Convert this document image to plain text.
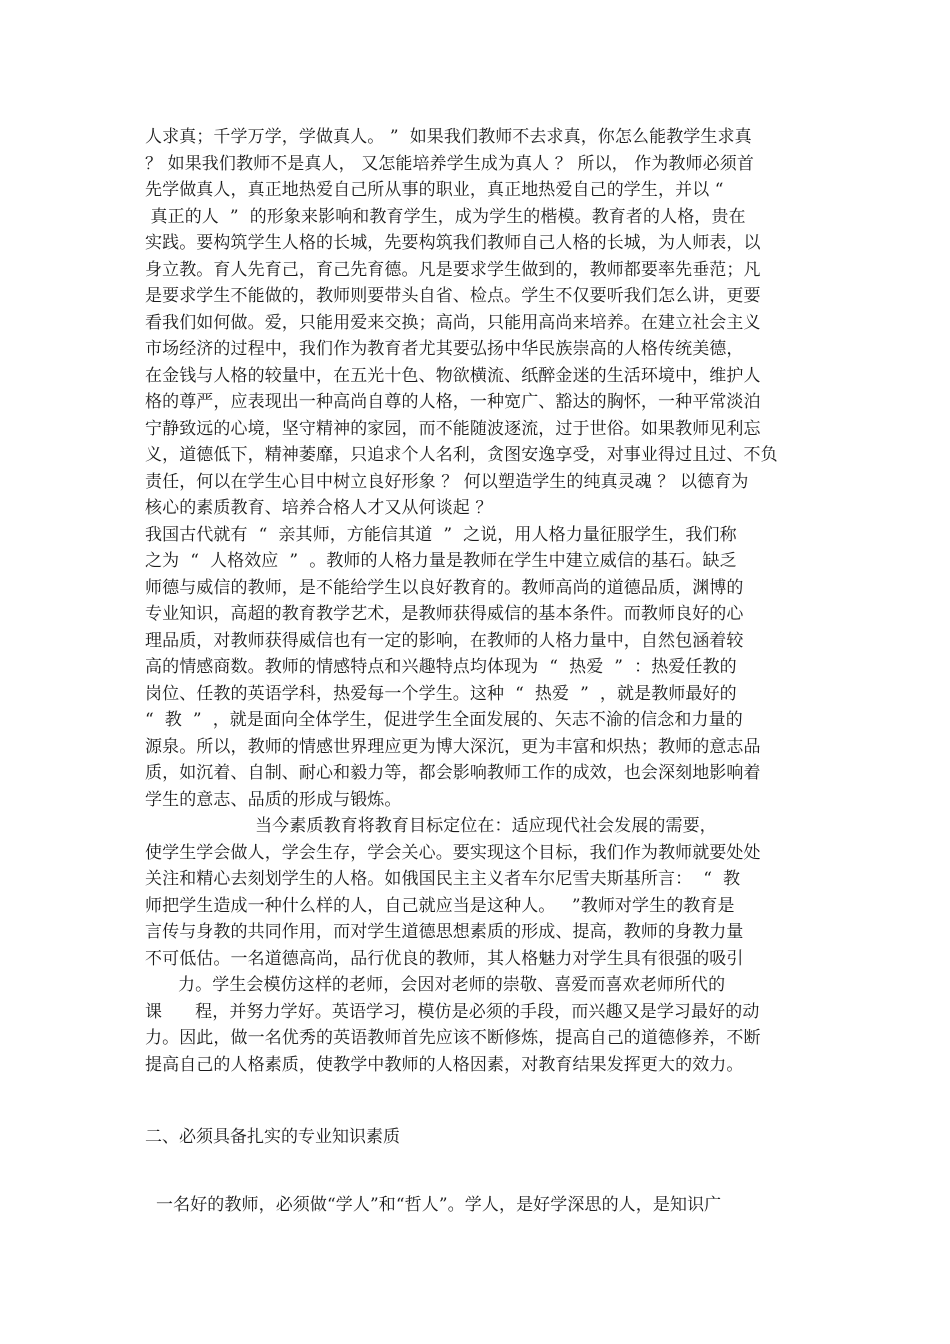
人求真；千学万学，学做真人。 ”  如果我们教师不去求真，你怎么能教学生求真
？ 如果我们教师不是真人， 又怎能培养学生成为真人 ？ 所以， 作为教师必须首
先学做真人，真正地热爱自己所从事的职业，真正地热爱自己的学生，并以 “
真正的人  ”  的形象来影响和教育学生，成为学生的楷模。教育者的人格，贵在
实践。要构筑学生人格的长城，先要构筑我们教师自己人格的长城，为人师表，以
身立教。育人先育己，育己先育德。凡是要求学生做到的，教师都要率先垂范；凡
是要求学生不能做的，教师则要带头自省、检点。学生不仅要听我们怎么讲，更要
看我们如何做。爱，只能用爱来交换；高尚，只能用高尚来培养。在建立社会主义
市场经济的过程中，我们作为教育者尤其要弘扬中华民族崇高的人格传统美德，
在金钱与人格的较量中，在五光十色、物欲横流、纸醉金迷的生活环境中，维护人
格的尊严，应表现出一种高尚自尊的人格，一种宽广、豁达的胸怀，一种平常淡泊
宁静致远的心境，坚守精神的家园，而不能随波逐流，过于世俗。如果教师见利忘
义，道德低下，精神萎靡，只追求个人名利，贪图安逸享受，对事业得过且过、不负
责任，何以在学生心目中树立良好形象 ？ 何以塑造学生的纯真灵魂 ？ 以德育为
核心的素质教育、培养合格人才又从何谈起 ？
我国古代就有  “  亲其师，方能信其道  ”  之说，用人格力量征服学生，我们称
之为  “  人格效应  ”  。教师的人格力量是教师在学生中建立威信的基石。缺乏
师德与威信的教师，是不能给学生以良好教育的。教师高尚的道德品质，渊博的
专业知识，高超的教育教学艺术，是教师获得威信的基本条件。而教师良好的心
理品质，对教师获得威信也有一定的影响，在教师的人格力量中，自然包涵着较
高的情感商数。教师的情感特点和兴趣特点均体现为  “  热爱  ”  ：热爱任教的
岗位、任教的英语学科，热爱每一个学生。这种  “  热爱  ”  ，就是教师最好的
“  教  ”  ，就是面向全体学生，促进学生全面发展的、矢志不渝的信念和力量的
源泉。所以，教师的情感世界理应更为博大深沉，更为丰富和炽热；教师的意志品
质，如沉着、自制、耐心和毅力等，都会影响教师工作的成效，也会深刻地影响着
学生的意志、品质的形成与锻炼。
当今素质教育将教育目标定位在：适应现代社会发展的需要，
使学生学会做人，学会生存，学会关心。要实现这个目标，我们作为教师就要处处
关注和精心去刻划学生的人格。如俄国民主主义者车尔尼雪夫斯基所言：  “  教
师把学生造成一种什么样的人，自己就应当是这种人。   ”教师对学生的教育是
言传与身教的共同作用，而对学生道德思想素质的形成、提高，教师的身教力量
不可低估。一名道德高尚，品行优良的教师，其人格魅力对学生具有很强的吸引
力。学生会模仿这样的老师，会因对老师的崇敬、喜爱而喜欢老师所代的
课      程，并努力学好。英语学习，模仿是必须的手段，而兴趣又是学习最好的动
力。因此，做一名优秀的英语教师首先应该不断修炼，提高自己的道德修养，不断
提高自己的人格素质，使教学中教师的人格因素，对教育结果发挥更大的效力。
二、必须具备扎实的专业知识素质
一名好的教师，必须做“学人”和“哲人”。学人，是好学深思的人，是知识广
